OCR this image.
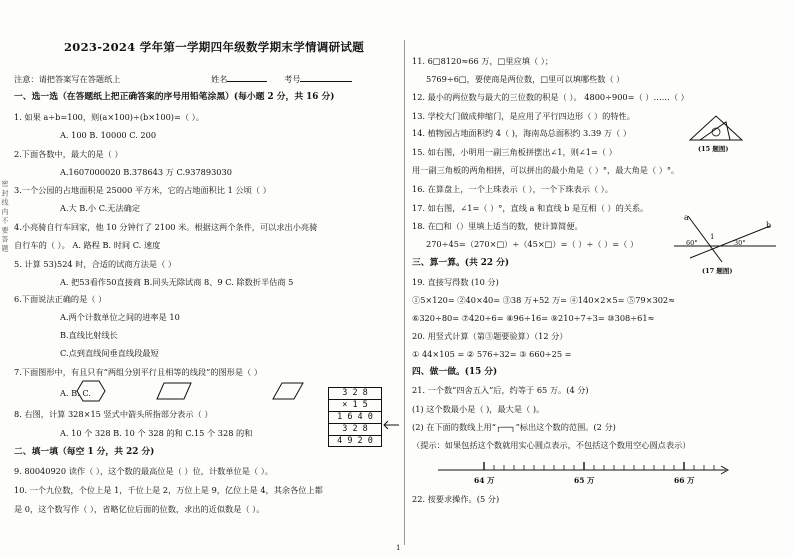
密 封 线 内 不 要 答 题
2023-2024 学年第一学期四年级数学期末学情调研试题
注意：请把答案写在答题纸上	姓名	考号
一、选一选（在答题纸上把正确答案的序号用铅笔涂黑）(每小题 2 分，共 16 分)
1. 如果 a÷b=100，则(a×100)÷(b×100)=（ ）。
A. 100 B. 10000 C. 200
2.下面各数中，最大的是（ ）
A.1607000020 B.378643 万 C.937893030
3.一个公园的占地面积是 25000 平方米，它的占地面积比 1 公顷（ ）
A.大 B.小 C.无法确定
4.小亮骑自行车回家，他 10 分钟行了 2100 米。根据这两个条件，可以求出小亮骑
自行车的（ ）。 A. 路程 B. 时间 C. 速度
5. 计算 53)524 时，合适的试商方法是（ ）
A. 把53看作50直接商 B.同头无除试商 8、9 C. 除数折半估商 5
6.下面说法正确的是（ ）
A.两个计数单位之间的进率是 10
B.直线比射线长
C.点到直线间垂直线段最短
7.下面图形中，有且只有“两组分别平行且相等的线段”的图形是（ ）
A. B. C.
8. 右图，计算 328×15 竖式中箭头所指部分表示（ ）
A. 10 个 328 B. 10 个 328 的和 C.15 个 328 的和
3 2 8
× 1 5
1 6 4 0
3 2 8
4 9 2 0
二、填一填（每空 1 分，共 22 分)
9. 80040920 读作（ ），这个数的最高位是（ ）位，计数单位是（ ）。
10. 一个九位数，个位上是 1，千位上是 2，万位上是 9，亿位上是 4，其余各位上都
是 0，这个数写作（ ），省略亿位后面的位数，求出的近似数是（ ）。
11. 6□8120≈66 万，□里应填（ ）；
5769÷6□，要使商是两位数，□里可以填哪些数（ ）
12. 最小的两位数与最大的三位数的积是（ ）。 4800÷900=（ ）……（ ）
13. 学校大门做成伸缩门，是应用了平行四边形（ ）的特性。
14. 植物园占地面积约 4（ )，海南岛总面积约 3.39 万（ ）
(15 题图)
15. 如右图，小明用一副三角板拼摆出∠1，则∠1=（ ）
用一副三角板的两角相拼，可以拼出的最小角是（ ）°，最大角是（ ）°。
16. 在算盘上，一个上珠表示（ ），一个下珠表示（ ）。
17. 如右图，∠1=（ ）°，直线 a 和直线 b 是互相（ ）的关系。
18. 在□和（）里填上适当的数，使计算简便。
270÷45=（270×□）÷（45×□）=（ ）÷（ ）=（ ）
a
b
1
60°	30°
(17 题图)
三、算一算。(共 22 分)
19. 直接写得数 (10 分)
①5×120= ②40×40= ③38 万+52 万= ④140×2×5= ⑤79×302≈
⑥320÷80= ⑦420÷6= ⑧96÷16= ⑨210÷7÷3= ⑩308÷61≈
20. 用竖式计算（第③题要验算）（12 分）
① 44×105 = ② 576÷32= ③ 660÷25 =
四、做一做。(15 分)
21. 一个数“四舍五入”后，约等于 65 万。(4 分)
(1) 这个数最小是（ )，最大是（ )。
(2) 在下面的数线上用“┌──┐”标出这个数的范围。(2 分)
（提示：如果包括这个数就用实心圆点表示，不包括这个数用空心圆点表示）
64 万	65 万	66 万
22. 按要求操作。(5 分)
1
